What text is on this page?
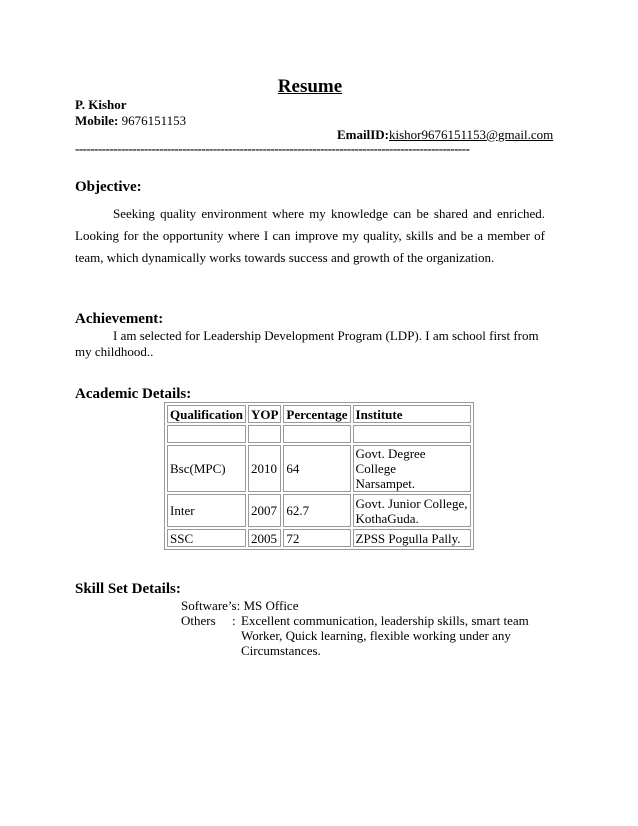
Resume
P. Kishor
Mobile: 9676151153
EmailID:kishor9676151153@gmail.com
-------------------------------------------------------------------------------------------------------
Objective:
Seeking quality environment where my knowledge can be shared and enriched. Looking for the opportunity where I can improve my quality, skills and be a member of team, which dynamically works towards success and growth of the organization.
Achievement:
I am selected for Leadership Development Program (LDP). I am school first from my childhood..
Academic Details:
Qualification	YOP	Percentage	Institute

Bsc(MPC)	2010	64	Govt. Degree College
Narsampet.

Inter	2007	62.7	Govt. Junior College,
KothaGuda.

SSC	2005	72	ZPSS Pogulla Pally.
Skill Set Details:
Software’s: MS Office
Others : Excellent communication, leadership skills, smart team
Worker, Quick learning, flexible working under any
Circumstances.
